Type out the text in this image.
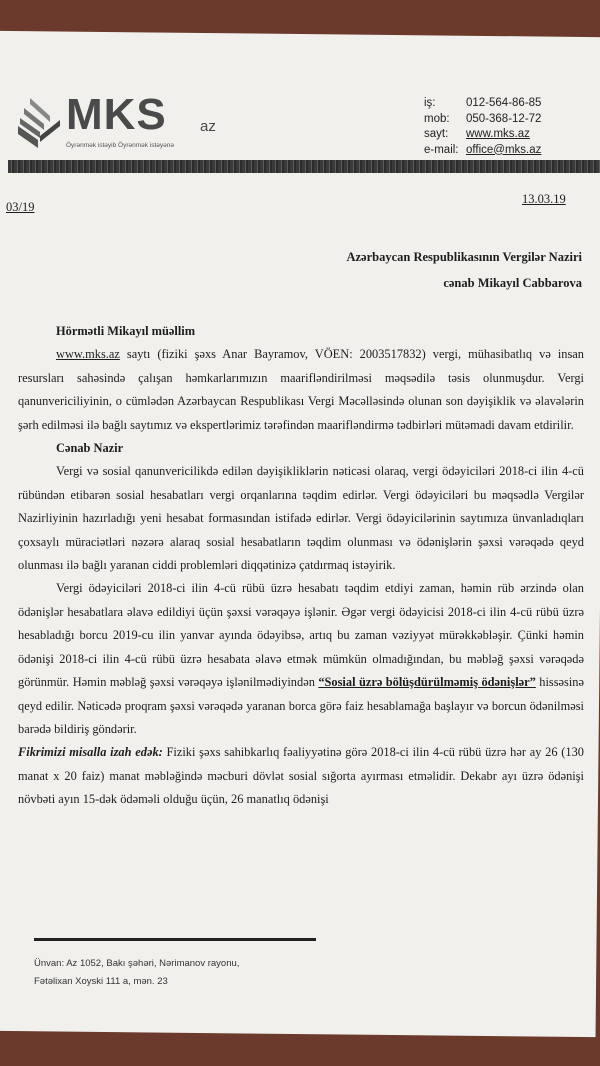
MKS az
Öyrənmək istəyib Öyrənmək istəyənə
iş:	012-564-86-85
mob:	050-368-12-72
sayt:	www.mks.az
e-mail: office@mks.az
03/19
13.03.19
Azərbaycan Respublikasının Vergilər Naziri
cənab Mikayıl Cabbarova

Hörmətli Mikayıl müəllim

www.mks.az saytı (fiziki şəxs Anar Bayramov, VÖEN: 2003517832) vergi, mühasibatlıq və insan resursları sahəsində çalışan həmkarlarımızın maarifləndirilməsi məqsədilə təsis olunmuşdur. Vergi qanunvericiliyinin, o cümlədən Azərbaycan Respublikası Vergi Məcəlləsində olunan son dəyişiklik və əlavələrin şərh edilməsi ilə bağlı saytımız və ekspertlərimiz tərəfindən maarifləndirmə tədbirləri mütəmadi davam etdirilir.

Cənab Nazir

Vergi və sosial qanunvericilikdə edilən dəyişikliklərin nəticəsi olaraq, vergi ödəyiciləri 2018-ci ilin 4-cü rübündən etibarən sosial hesabatları vergi orqanlarına təqdim edirlər. Vergi ödəyiciləri bu məqsədlə Vergilər Nazirliyinin hazırladığı yeni hesabat formasından istifadə edirlər. Vergi ödəyicilərinin saytımıza ünvanladıqları çoxsaylı müraciətləri nəzərə alaraq sosial hesabatların təqdim olunması və ödənişlərin şəxsi vərəqədə qeyd olunması ilə bağlı yaranan ciddi problemləri diqqətinizə çatdırmaq istəyirik.

Vergi ödəyiciləri 2018-ci ilin 4-cü rübü üzrə hesabatı təqdim etdiyi zaman, həmin rüb ərzində olan ödənişlər hesabatlara əlavə edildiyi üçün şəxsi vərəqəyə işlənir. Əgər vergi ödəyicisi 2018-ci ilin 4-cü rübü üzrə hesabladığı borcu 2019-cu ilin yanvar ayında ödəyibsə, artıq bu zaman vəziyyət mürəkkəbləşir. Çünki həmin ödənişi 2018-ci ilin 4-cü rübü üzrə hesabata əlavə etmək mümkün olmadığından, bu məbləğ şəxsi vərəqədə görünmür. Həmin məbləğ şəxsi vərəqəyə işlənilmədiyindən “Sosial üzrə bölüşdürülməmiş ödənişlər” hissəsinə qeyd edilir. Nəticədə proqram şəxsi vərəqədə yaranan borca görə faiz hesablamağa başlayır və borcun ödənilməsi barədə bildiriş göndərir.

Fikrimizi misalla izah edək: Fiziki şəxs sahibkarlıq fəaliyyətinə görə 2018-ci ilin 4-cü rübü üzrə hər ay 26 (130 manat x 20 faiz) manat məbləğində məcburi dövlət sosial sığorta ayırması etməlidir. Dekabr ayı üzrə ödənişi növbəti ayın 15-dək ödəməli olduğu üçün, 26 manatlıq ödənişi

Ünvan: Az 1052, Bakı şəhəri, Nərimanov rayonu,
Fətəlixan Xoyski 111 a, mən. 23
